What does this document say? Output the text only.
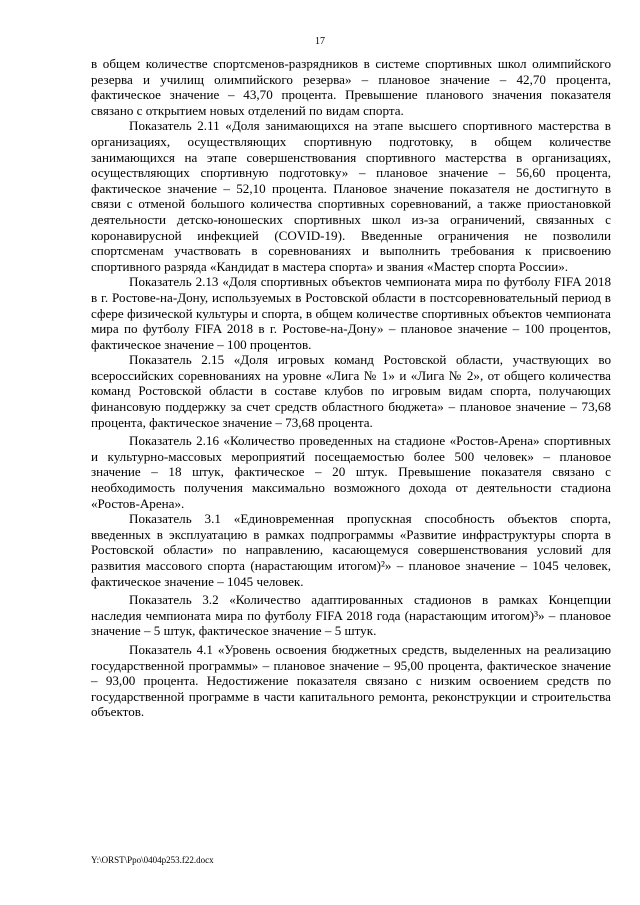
17

в общем количестве спортсменов-разрядников в системе спортивных школ олимпийского резерва и училищ олимпийского резерва» – плановое значение – 42,70 процента, фактическое значение – 43,70 процента. Превышение планового значения показателя связано с открытием новых отделений по видам спорта.

Показатель 2.11 «Доля занимающихся на этапе высшего спортивного мастерства в организациях, осуществляющих спортивную подготовку, в общем количестве занимающихся на этапе совершенствования спортивного мастерства в организациях, осуществляющих спортивную подготовку» – плановое значение – 56,60 процента, фактическое значение – 52,10 процента. Плановое значение показателя не достигнуто в связи с отменой большого количества спортивных соревнований, а также приостановкой деятельности детско-юношеских спортивных школ из-за ограничений, связанных с коронавирусной инфекцией (COVID-19). Введенные ограничения не позволили спортсменам участвовать в соревнованиях и выполнить требования к присвоению спортивного разряда «Кандидат в мастера спорта» и звания «Мастер спорта России».

Показатель 2.13 «Доля спортивных объектов чемпионата мира по футболу FIFA 2018 в г. Ростове-на-Дону, используемых в Ростовской области в постсоревновательный период в сфере физической культуры и спорта, в общем количестве спортивных объектов чемпионата мира по футболу FIFA 2018 в г. Ростове-на-Дону» – плановое значение – 100 процентов, фактическое значение – 100 процентов.

Показатель 2.15 «Доля игровых команд Ростовской области, участвующих во всероссийских соревнованиях на уровне «Лига № 1» и «Лига № 2», от общего количества команд Ростовской области в составе клубов по игровым видам спорта, получающих финансовую поддержку за счет средств областного бюджета» – плановое значение – 73,68 процента, фактическое значение – 73,68 процента.

Показатель 2.16 «Количество проведенных на стадионе «Ростов-Арена» спортивных и культурно-массовых мероприятий посещаемостью более 500 человек» – плановое значение – 18 штук, фактическое – 20 штук. Превышение показателя связано с необходимость получения максимально возможного дохода от деятельности стадиона «Ростов-Арена».

Показатель 3.1 «Единовременная пропускная способность объектов спорта, введенных в эксплуатацию в рамках подпрограммы «Развитие инфраструктуры спорта в Ростовской области» по направлению, касающемуся совершенствования условий для развития массового спорта (нарастающим итогом)²» – плановое значение – 1045 человек, фактическое значение – 1045 человек.

Показатель 3.2 «Количество адаптированных стадионов в рамках Концепции наследия чемпионата мира по футболу FIFA 2018 года (нарастающим итогом)³» – плановое значение – 5 штук, фактическое значение – 5 штук.

Показатель 4.1 «Уровень освоения бюджетных средств, выделенных на реализацию государственной программы» – плановое значение – 95,00 процента, фактическое значение – 93,00 процента. Недостижение показателя связано с низким освоением средств по государственной программе в части капитального ремонта, реконструкции и строительства объектов.

Y:\ORST\Ppo\0404p253.f22.docx
